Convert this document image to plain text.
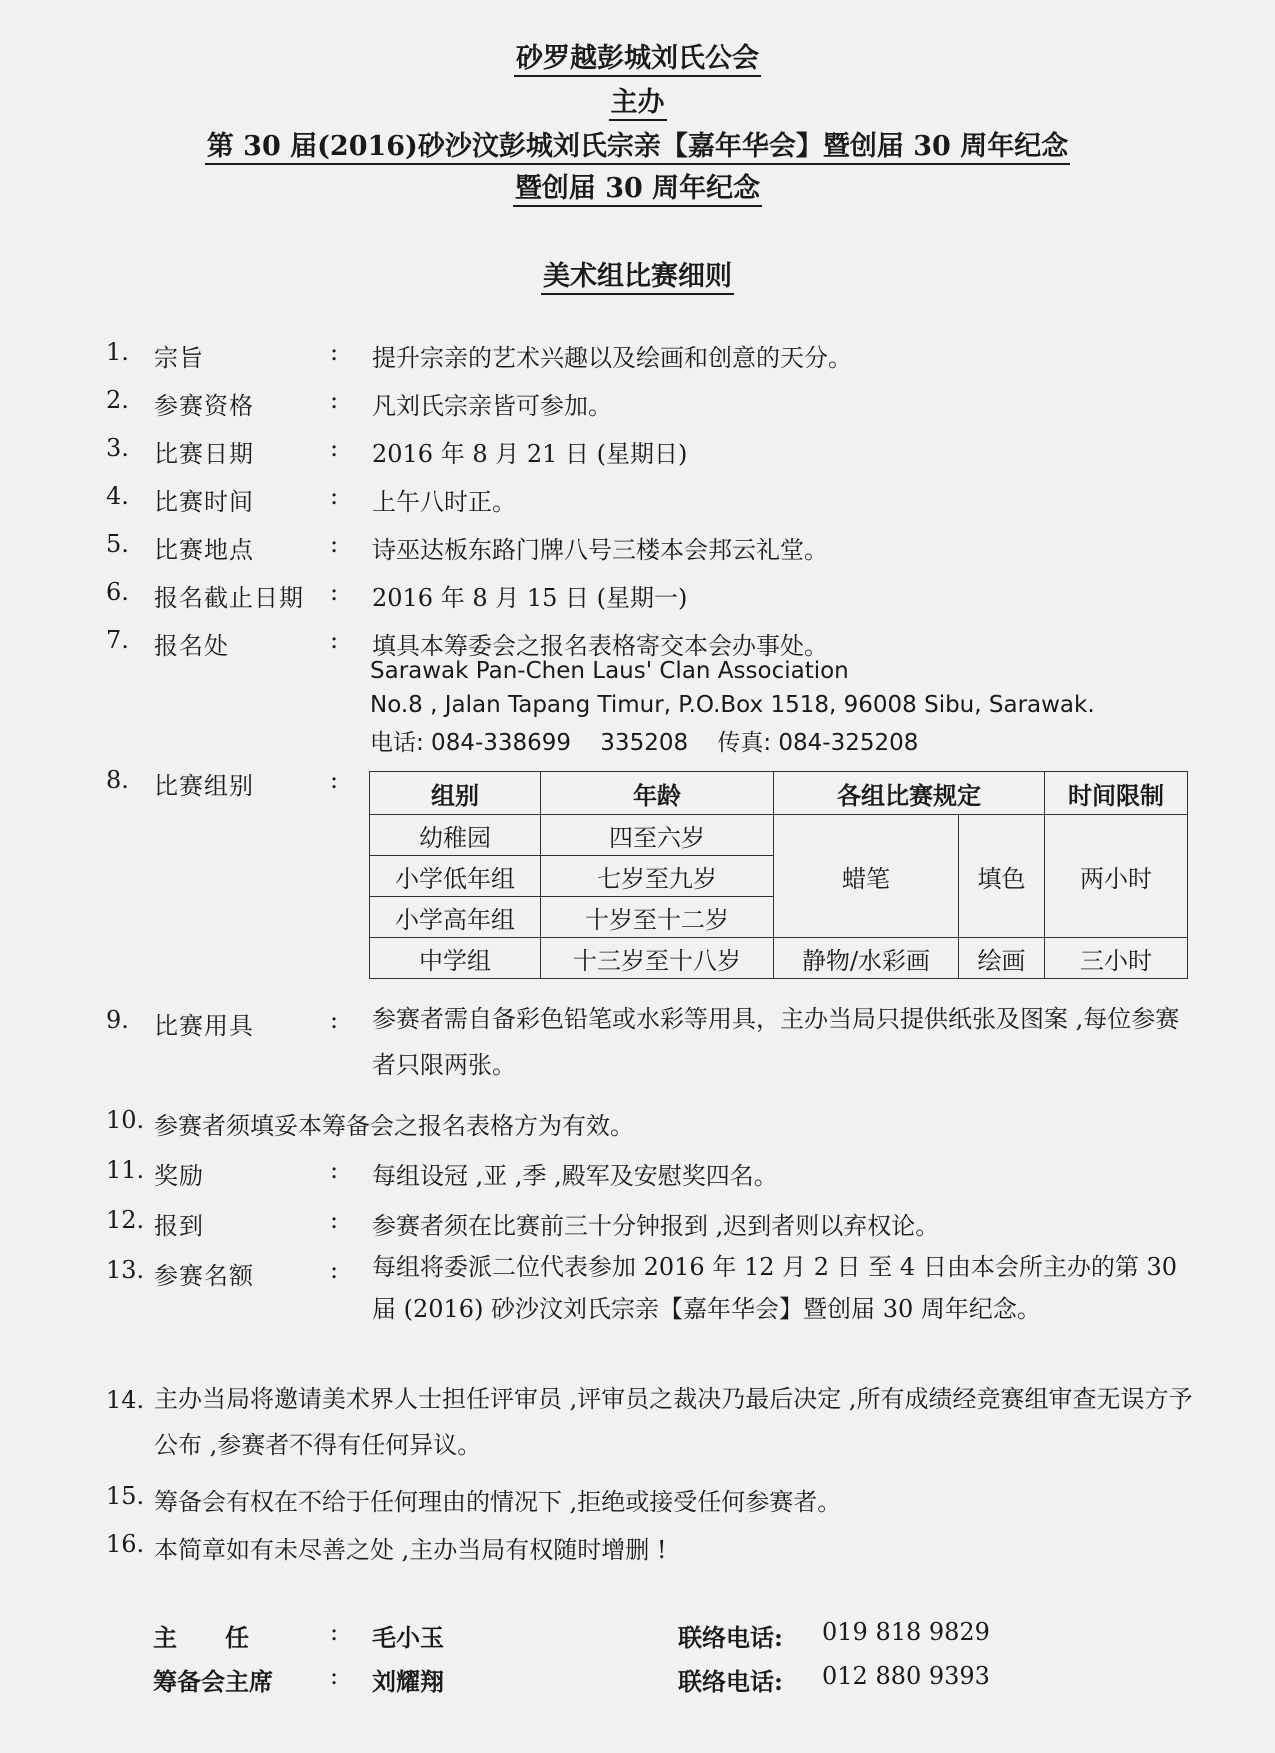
砂罗越彭城刘氏公会
主办
第 30 届(2016)砂沙汶彭城刘氏宗亲【嘉年华会】暨创届 30 周年纪念
暨创届 30 周年纪念
美术组比赛细则
1. 宗旨	: 提升宗亲的艺术兴趣以及绘画和创意的天分。
2. 参赛资格	: 凡刘氏宗亲皆可参加。
3. 比赛日期	: 2016 年 8 月 21 日 (星期日)
4. 比赛时间	: 上午八时正。
5. 比赛地点	: 诗巫达板东路门牌八号三楼本会邦云礼堂。
6. 报名截止日期 : 2016 年 8 月 15 日 (星期一)
7. 报名处	: 填具本筹委会之报名表格寄交本会办事处。
Sarawak Pan-Chen Laus' Clan Association
No.8 , Jalan Tapang Timur, P.O.Box 1518, 96008 Sibu, Sarawak.
电话: 084-338699    335208    传真: 084-325208
8. 比赛组别	:
组别	年龄	各组比赛规定		时间限制
幼稚园	四至六岁	蜡笔	填色	两小时
小学低年组	七岁至九岁			
小学高年组	十岁至十二岁			
中学组	十三岁至十八岁	静物/水彩画	绘画	三小时
9. 比赛用具	: 参赛者需自备彩色铅笔或水彩等用具，主办当局只提供纸张及图案 ,每位参赛者只限两张。
10. 参赛者须填妥本筹备会之报名表格方为有效。
11. 奖励	: 每组设冠 ,亚 ,季 ,殿军及安慰奖四名。
12. 报到	: 参赛者须在比赛前三十分钟报到 ,迟到者则以弃权论。
13. 参赛名额	: 每组将委派二位代表参加 2016 年 12 月 2 日 至 4 日由本会所主办的第 30 届 (2016) 砂沙汶刘氏宗亲【嘉年华会】暨创届 30 周年纪念。
14. 主办当局将邀请美术界人士担任评审员 ,评审员之裁决乃最后决定 ,所有成绩经竞赛组审查无误方予公布 ,参赛者不得有任何异议。
15. 筹备会有权在不给于任何理由的情况下 ,拒绝或接受任何参赛者。
16. 本简章如有未尽善之处 ,主办当局有权随时增删 !
主　　任	: 毛小玉	联络电话: 019 818 9829
筹备会主席 : 刘耀翔	联络电话: 012 880 9393
